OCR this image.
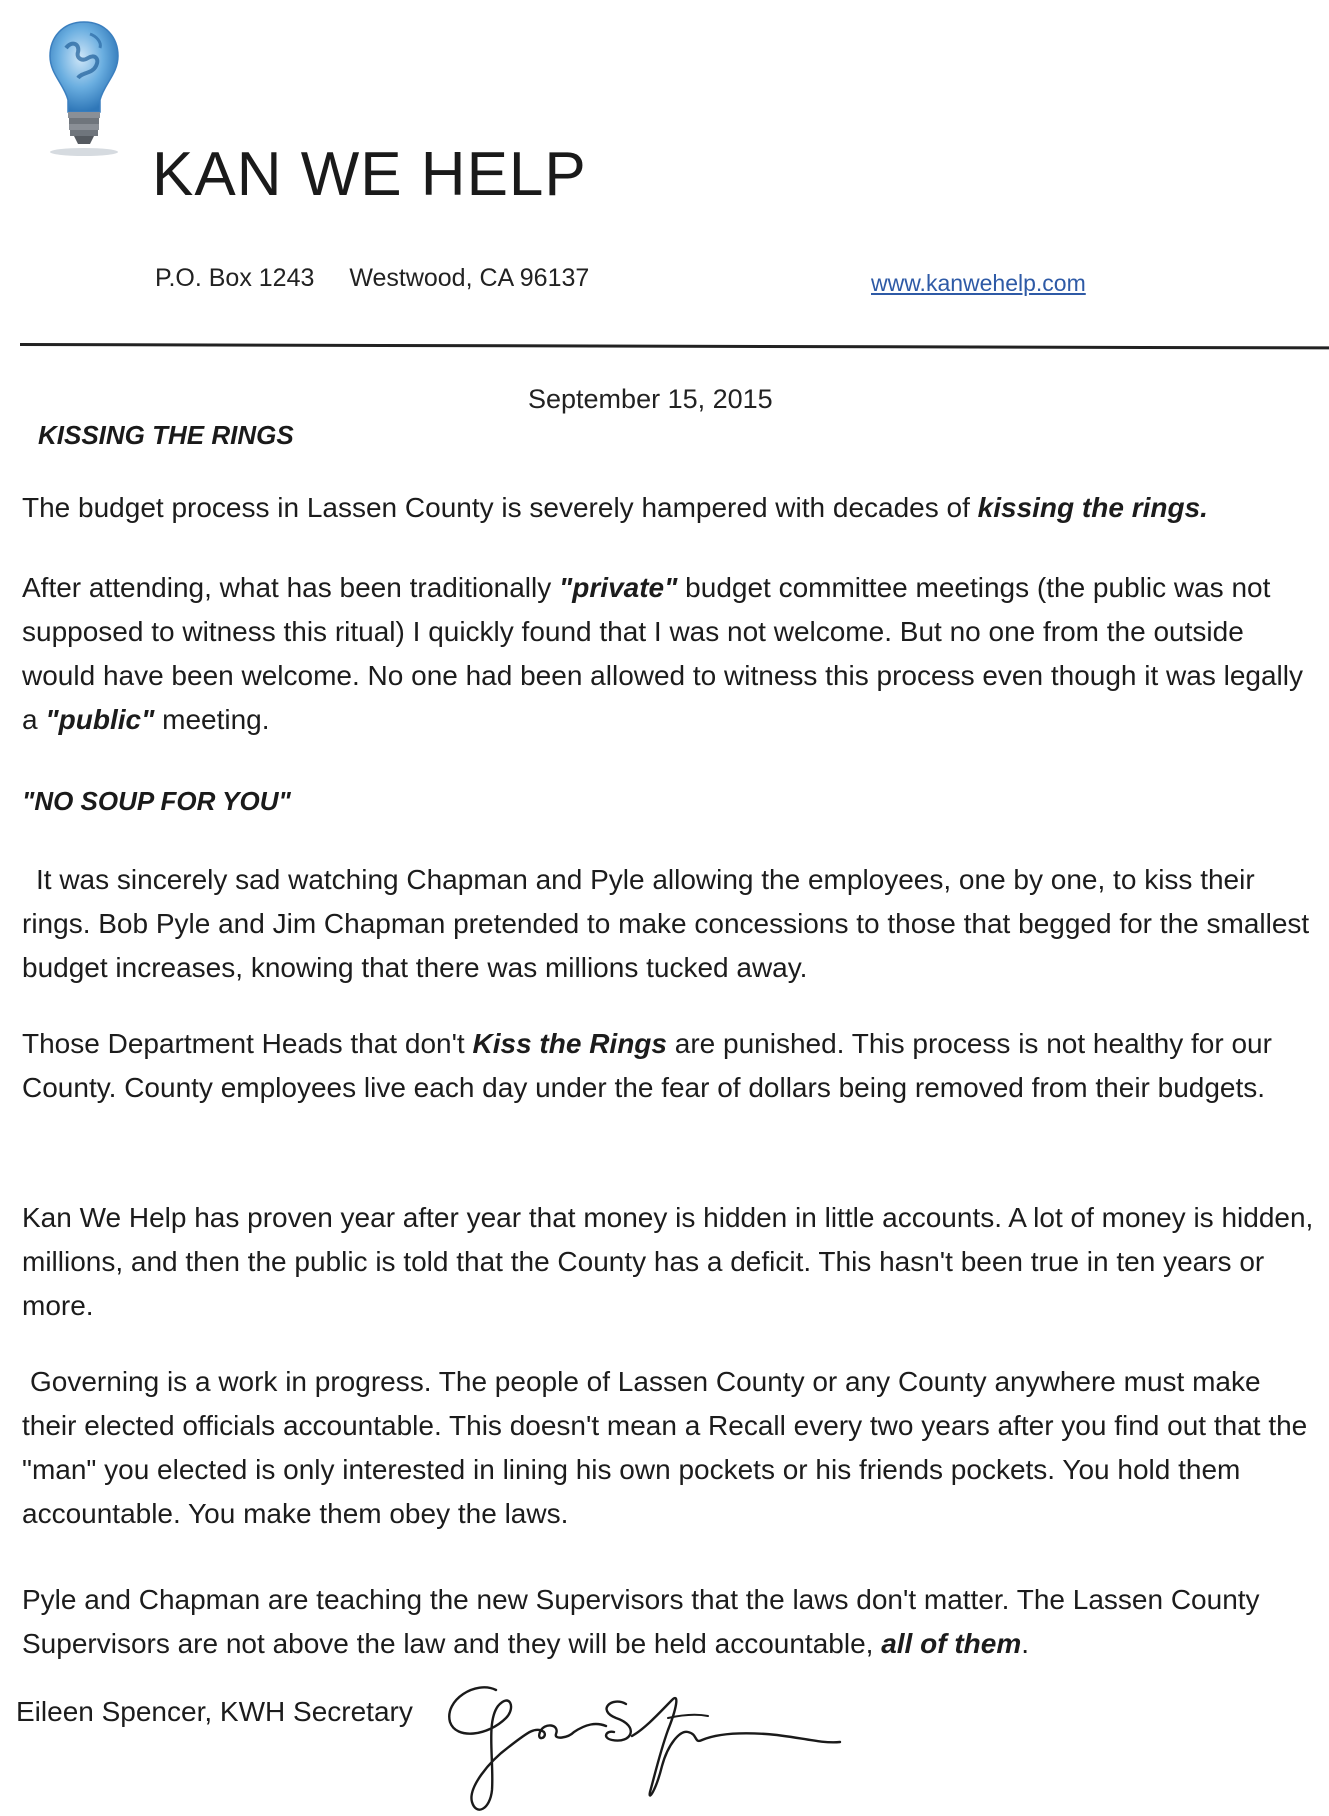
KAN WE HELP
P.O. Box 1243 Westwood, CA 96137	www.kanwehelp.com
September 15, 2015
KISSING THE RINGS
The budget process in Lassen County is severely hampered with decades of kissing the rings.
After attending, what has been traditionally "private" budget committee meetings (the public was not supposed to witness this ritual) I quickly found that I was not welcome. But no one from the outside would have been welcome. No one had been allowed to witness this process even though it was legally a "public" meeting.
"NO SOUP FOR YOU"
It was sincerely sad watching Chapman and Pyle allowing the employees, one by one, to kiss their rings. Bob Pyle and Jim Chapman pretended to make concessions to those that begged for the smallest budget increases, knowing that there was millions tucked away.
Those Department Heads that don't Kiss the Rings are punished. This process is not healthy for our County. County employees live each day under the fear of dollars being removed from their budgets.
Kan We Help has proven year after year that money is hidden in little accounts. A lot of money is hidden, millions, and then the public is told that the County has a deficit. This hasn't been true in ten years or more.
Governing is a work in progress. The people of Lassen County or any County anywhere must make their elected officials accountable. This doesn't mean a Recall every two years after you find out that the "man" you elected is only interested in lining his own pockets or his friends pockets. You hold them accountable. You make them obey the laws.
Pyle and Chapman are teaching the new Supervisors that the laws don't matter. The Lassen County Supervisors are not above the law and they will be held accountable, all of them.
Eileen Spencer, KWH Secretary
